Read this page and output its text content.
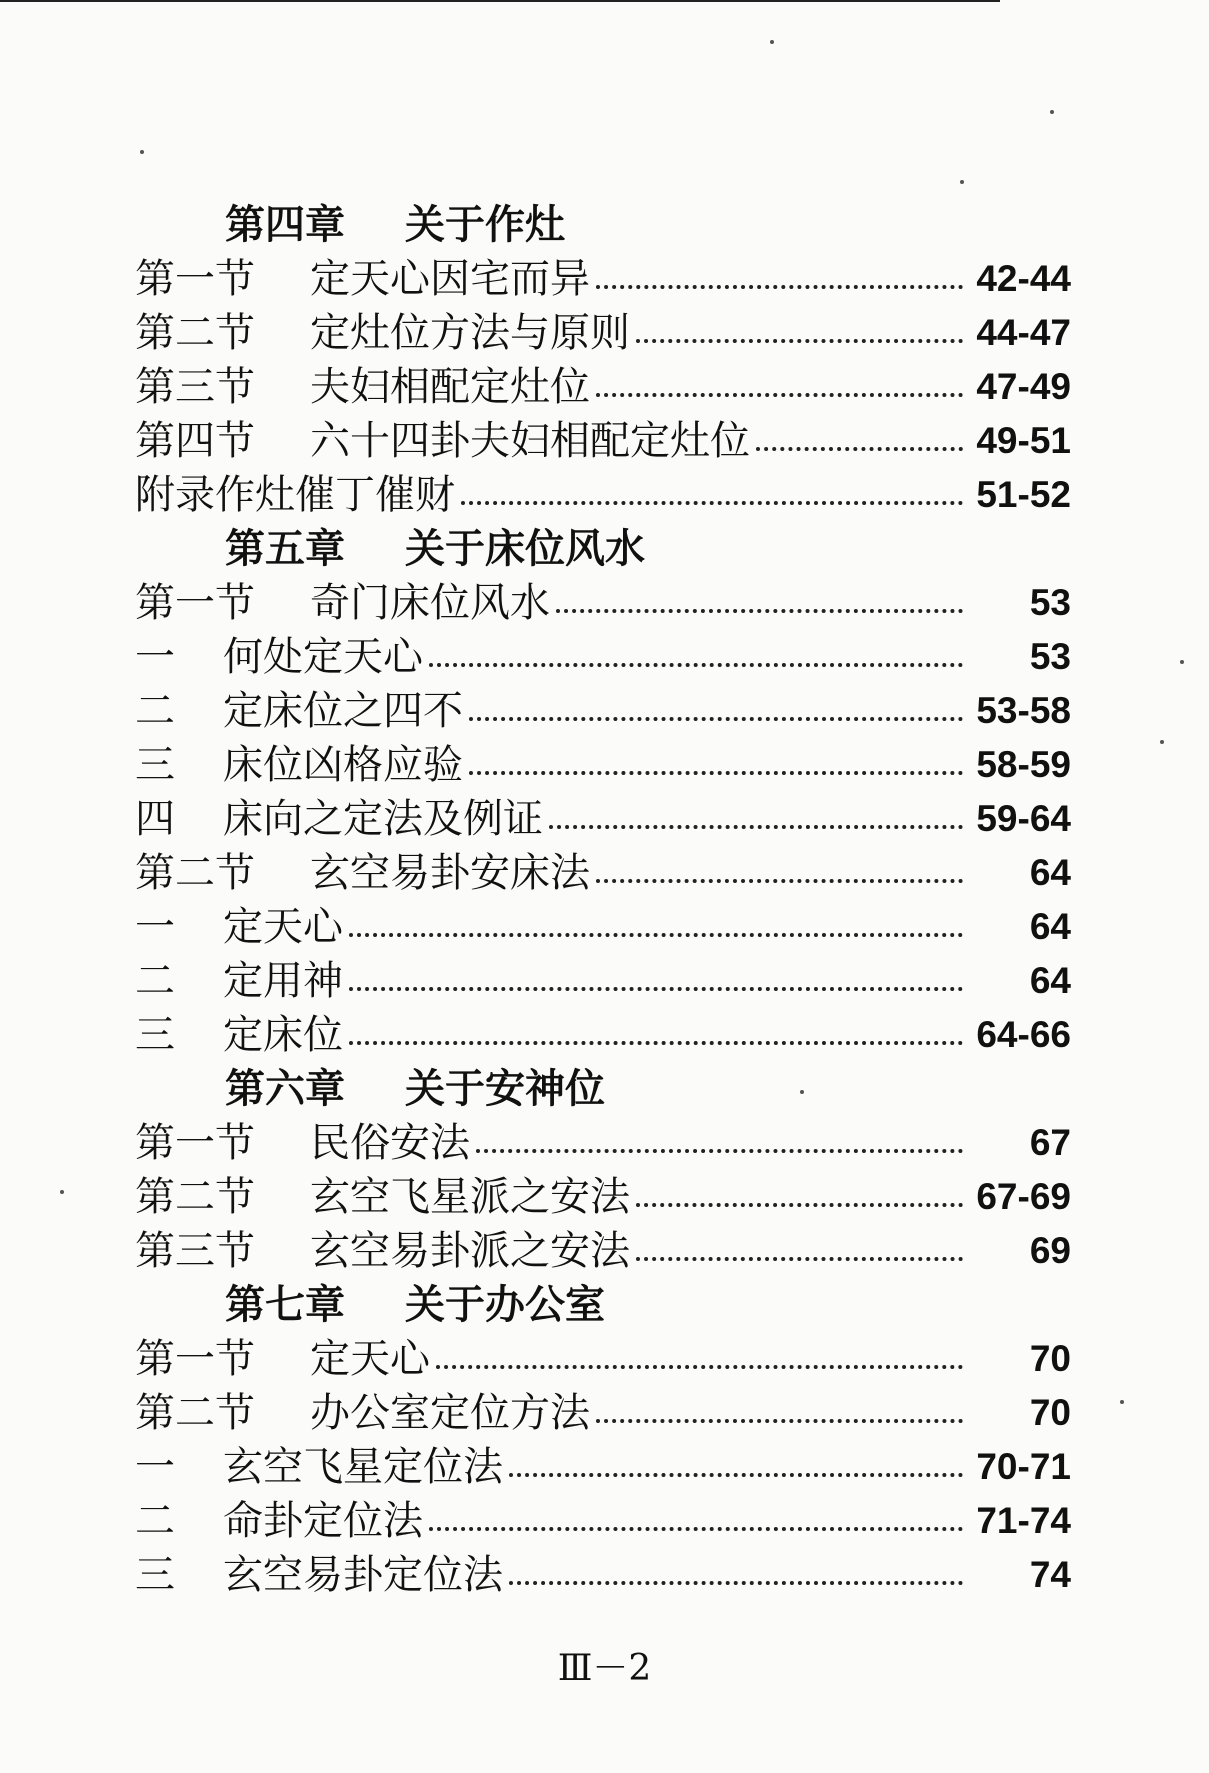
第四章 关于作灶
第一节	定天心因宅而异	42-44
第二节	定灶位方法与原则	44-47
第三节	夫妇相配定灶位	47-49
第四节	六十四卦夫妇相配定灶位	49-51
附录作灶催丁催财	51-52
第五章 关于床位风水
第一节	奇门床位风水	53
一	何处定天心	53
二	定床位之四不	53-58
三	床位凶格应验	58-59
四	床向之定法及例证	59-64
第二节	玄空易卦安床法	64
一	定天心	64
二	定用神	64
三	定床位	64-66
第六章 关于安神位
第一节	民俗安法	67
第二节	玄空飞星派之安法	67-69
第三节	玄空易卦派之安法	69
第七章 关于办公室
第一节	定天心	70
第二节	办公室定位方法	70
一	玄空飞星定位法	70-71
二	命卦定位法	71-74
三	玄空易卦定位法	74
Ⅲ－2
